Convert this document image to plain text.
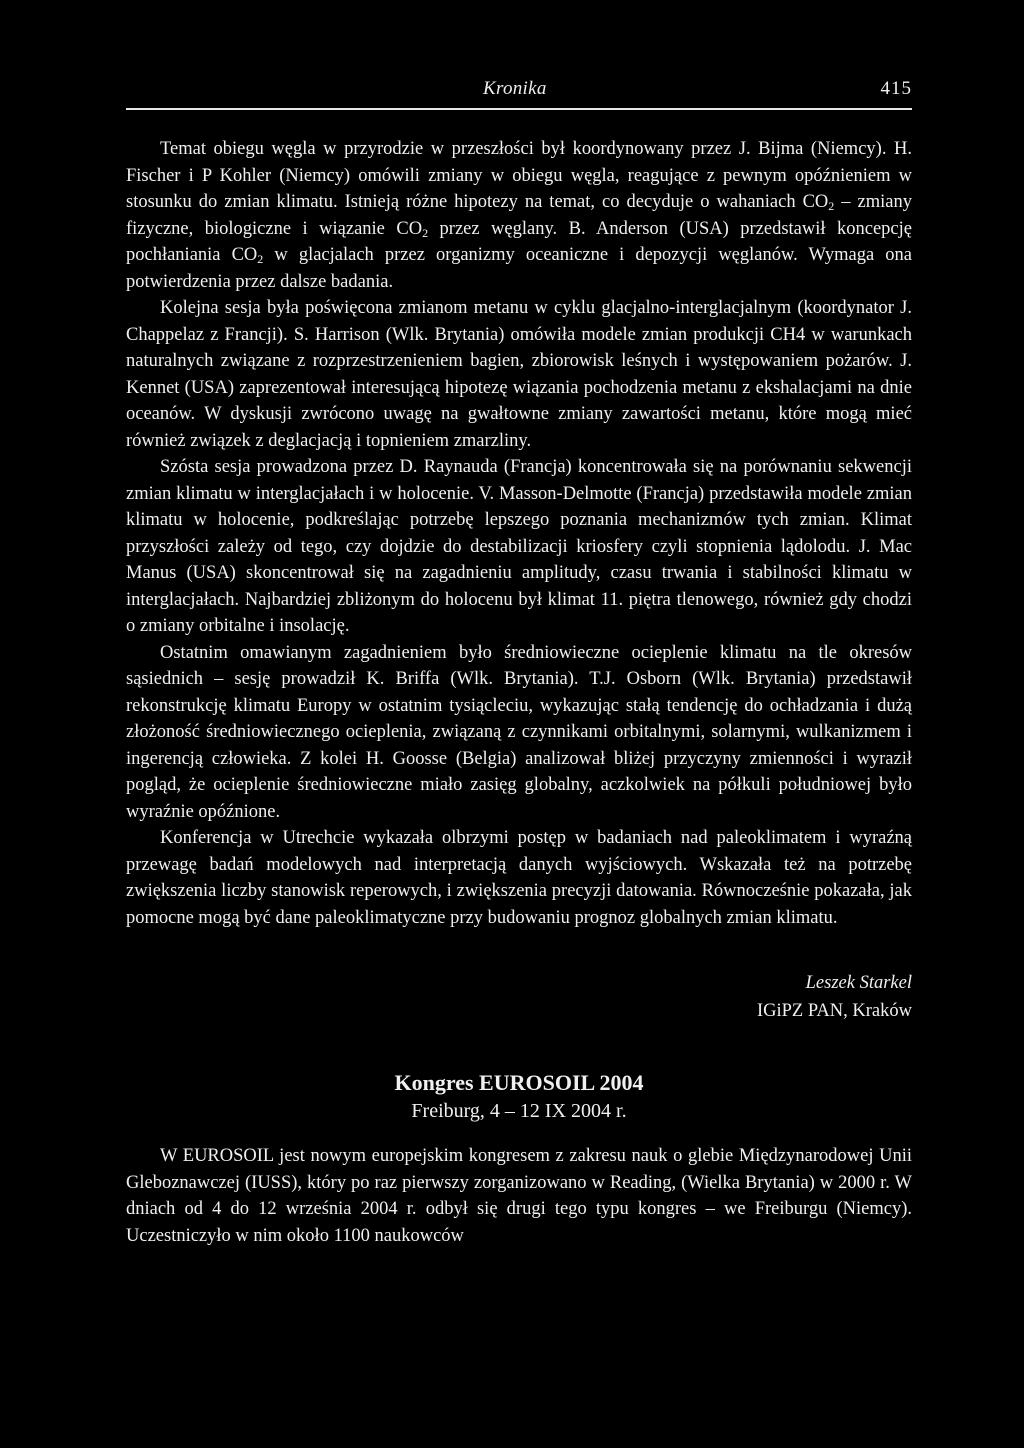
Kronika	415

Temat obiegu węgla w przyrodzie w przeszłości był koordynowany przez J. Bijma (Niemcy). H. Fischer i P Kohler (Niemcy) omówili zmiany w obiegu węgla, reagujące z pewnym opóźnieniem w stosunku do zmian klimatu. Istnieją różne hipotezy na temat, co decyduje o wahaniach $CO_2$ – zmiany fizyczne, biologiczne i wiązanie $CO_2$ przez węglany. B. Anderson (USA) przedstawił koncepcję pochłaniania $CO_2$ w glacjalach przez organizmy oceaniczne i depozycji węglanów. Wymaga ona potwierdzenia przez dalsze badania.

Kolejna sesja była poświęcona zmianom metanu w cyklu glacjalno-interglacjalnym (koordynator J. Chappelaz z Francji). S. Harrison (Wlk. Brytania) omówiła modele zmian produkcji CH4 w warunkach naturalnych związane z rozprzestrzenieniem bagien, zbiorowisk leśnych i występowaniem pożarów. J. Kennet (USA) zaprezentował interesującą hipotezę wiązania pochodzenia metanu z ekshalacjami na dnie oceanów. W dyskusji zwrócono uwagę na gwałtowne zmiany zawartości metanu, które mogą mieć również związek z deglacjacją i topnieniem zmarzliny.

Szósta sesja prowadzona przez D. Raynauda (Francja) koncentrowała się na porównaniu sekwencji zmian klimatu w interglacjałach i w holocenie. V. Masson-Delmotte (Francja) przedstawiła modele zmian klimatu w holocenie, podkreślając potrzebę lepszego poznania mechanizmów tych zmian. Klimat przyszłości zależy od tego, czy dojdzie do destabilizacji kriosfery czyli stopnienia lądolodu. J. Mac Manus (USA) skoncentrował się na zagadnieniu amplitudy, czasu trwania i stabilności klimatu w interglacjałach. Najbardziej zbliżonym do holocenu był klimat 11. piętra tlenowego, również gdy chodzi o zmiany orbitalne i insolację.

Ostatnim omawianym zagadnieniem było średniowieczne ocieplenie klimatu na tle okresów sąsiednich – sesję prowadził K. Briffa (Wlk. Brytania). T.J. Osborn (Wlk. Brytania) przedstawił rekonstrukcję klimatu Europy w ostatnim tysiącleciu, wykazując stałą tendencję do ochładzania i dużą złożoność średniowiecznego ocieplenia, związaną z czynnikami orbitalnymi, solarnymi, wulkanizmem i ingerencją człowieka. Z kolei H. Goosse (Belgia) analizował bliżej przyczyny zmienności i wyraził pogląd, że ocieplenie średniowieczne miało zasięg globalny, aczkolwiek na półkuli południowej było wyraźnie opóźnione.

Konferencja w Utrechcie wykazała olbrzymi postęp w badaniach nad paleoklimatem i wyraźną przewagę badań modelowych nad interpretacją danych wyjściowych. Wskazała też na potrzebę zwiększenia liczby stanowisk reperowych, i zwiększenia precyzji datowania. Równocześnie pokazała, jak pomocne mogą być dane paleoklimatyczne przy budowaniu prognoz globalnych zmian klimatu.

Leszek Starkel
IGiPZ PAN, Kraków
Kongres EUROSOIL 2004
Freiburg, 4 – 12 IX 2004 r.

W EUROSOIL jest nowym europejskim kongresem z zakresu nauk o glebie Międzynarodowej Unii Gleboznawczej (IUSS), który po raz pierwszy zorganizowano w Reading, (Wielka Brytania) w 2000 r. W dniach od 4 do 12 września 2004 r. odbył się drugi tego typu kongres – we Freiburgu (Niemcy). Uczestniczyło w nim około 1100 naukowców
